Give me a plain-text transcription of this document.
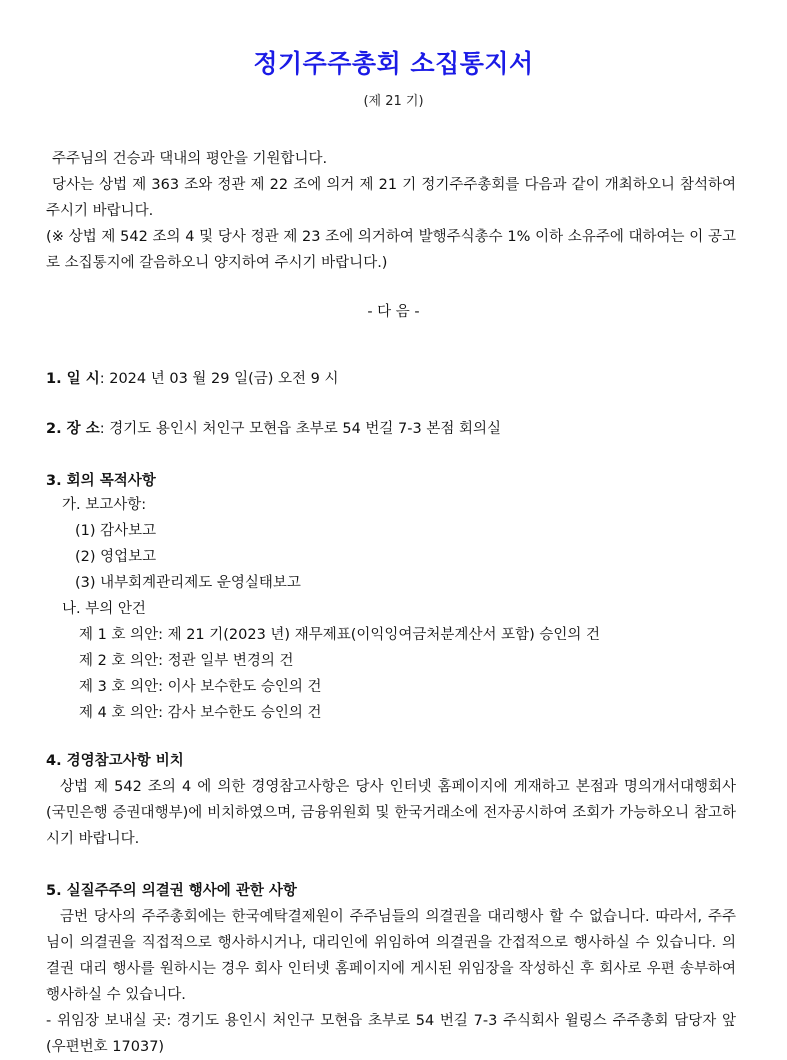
정기주주총회 소집통지서
(제 21 기)
주주님의 건승과 댁내의 평안을 기원합니다.
당사는 상법 제 363 조와 정관 제 22 조에 의거 제 21 기 정기주주총회를 다음과 같이 개최하오니 참석하여 주시기 바랍니다.
(※ 상법 제 542 조의 4 및 당사 정관 제 23 조에 의거하여 발행주식총수 1% 이하 소유주에 대하여는 이 공고로 소집통지에 갈음하오니 양지하여 주시기 바랍니다.)
- 다 음 -
1. 일 시: 2024 년 03 월 29 일(금) 오전 9 시
2. 장 소: 경기도 용인시 처인구 모현읍 초부로 54 번길 7-3 본점 회의실
3. 회의 목적사항
가. 보고사항:
(1) 감사보고
(2) 영업보고
(3) 내부회계관리제도 운영실태보고
나. 부의 안건
제 1 호 의안: 제 21 기(2023 년) 재무제표(이익잉여금처분계산서 포함) 승인의 건
제 2 호 의안: 정관 일부 변경의 건
제 3 호 의안: 이사 보수한도 승인의 건
제 4 호 의안: 감사 보수한도 승인의 건
4. 경영참고사항 비치
상법 제 542 조의 4 에 의한 경영참고사항은 당사 인터넷 홈페이지에 게재하고 본점과 명의개서대행회사(국민은행 증권대행부)에 비치하였으며, 금융위원회 및 한국거래소에 전자공시하여 조회가 가능하오니 참고하시기 바랍니다.
5. 실질주주의 의결권 행사에 관한 사항
금번 당사의 주주총회에는 한국예탁결제원이 주주님들의 의결권을 대리행사 할 수 없습니다. 따라서, 주주님이 의결권을 직접적으로 행사하시거나, 대리인에 위임하여 의결권을 간접적으로 행사하실 수 있습니다. 의결권 대리 행사를 원하시는 경우 회사 인터넷 홈페이지에 게시된 위임장을 작성하신 후 회사로 우편 송부하여 행사하실 수 있습니다.
- 위임장 보내실 곳: 경기도 용인시 처인구 모현읍 초부로 54 번길 7-3 주식회사 윌링스 주주총회 담당자 앞 (우편번호 17037)
